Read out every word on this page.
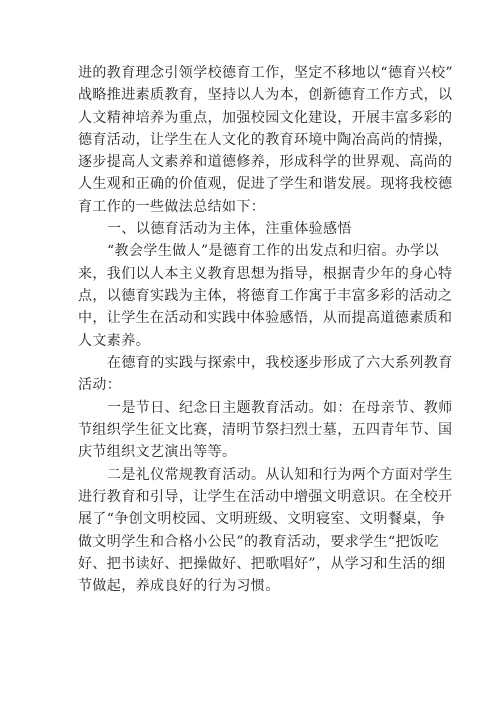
进的教育理念引领学校德育工作，坚定不移地以“德育兴校”
战略推进素质教育，坚持以人为本，创新德育工作方式，以
人文精神培养为重点，加强校园文化建设，开展丰富多彩的
德育活动，让学生在人文化的教育环境中陶冶高尚的情操，
逐步提高人文素养和道德修养，形成科学的世界观、高尚的
人生观和正确的价值观，促进了学生和谐发展。现将我校德
育工作的一些做法总结如下：

一、以德育活动为主体，注重体验感悟

“教会学生做人”是德育工作的出发点和归宿。办学以
来，我们以人本主义教育思想为指导，根据青少年的身心特
点，以德育实践为主体，将德育工作寓于丰富多彩的活动之
中，让学生在活动和实践中体验感悟，从而提高道德素质和
人文素养。

在德育的实践与探索中，我校逐步形成了六大系列教育
活动：

一是节日、纪念日主题教育活动。如：在母亲节、教师
节组织学生征文比赛，清明节祭扫烈士墓，五四青年节、国
庆节组织文艺演出等等。

二是礼仪常规教育活动。从认知和行为两个方面对学生
进行教育和引导，让学生在活动中增强文明意识。在全校开
展了“争创文明校园、文明班级、文明寝室、文明餐桌，争
做文明学生和合格小公民”的教育活动，要求学生“把饭吃
好、把书读好、把操做好、把歌唱好”，从学习和生活的细
节做起，养成良好的行为习惯。
